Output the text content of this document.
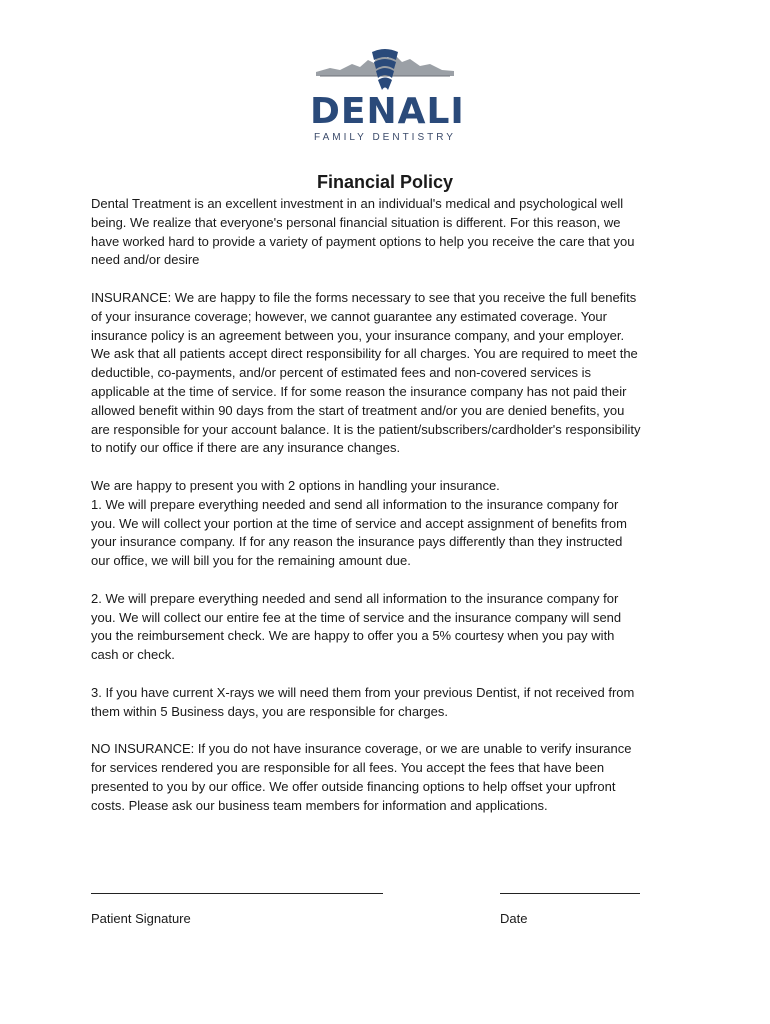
DENALI
FAMILY DENTISTRY
Financial Policy

Dental Treatment is an excellent investment in an individual's medical and psychological well
being. We realize that everyone's personal financial situation is different. For this reason, we
have worked hard to provide a variety of payment options to help you receive the care that you
need and/or desire

INSURANCE: We are happy to file the forms necessary to see that you receive the full benefits
of your insurance coverage; however, we cannot guarantee any estimated coverage. Your
insurance policy is an agreement between you, your insurance company, and your employer.
We ask that all patients accept direct responsibility for all charges. You are required to meet the
deductible, co-payments, and/or percent of estimated fees and non-covered services is
applicable at the time of service. If for some reason the insurance company has not paid their
allowed benefit within 90 days from the start of treatment and/or you are denied benefits, you
are responsible for your account balance. It is the patient/subscribers/cardholder's responsibility
to notify our office if there are any insurance changes.

We are happy to present you with 2 options in handling your insurance.
1. We will prepare everything needed and send all information to the insurance company for
you. We will collect your portion at the time of service and accept assignment of benefits from
your insurance company. If for any reason the insurance pays differently than they instructed
our office, we will bill you for the remaining amount due.

2. We will prepare everything needed and send all information to the insurance company for
you. We will collect our entire fee at the time of service and the insurance company will send
you the reimbursement check. We are happy to offer you a 5% courtesy when you pay with
cash or check.

3. If you have current X-rays we will need them from your previous Dentist, if not received from
them within 5 Business days, you are responsible for charges.

NO INSURANCE: If you do not have insurance coverage, or we are unable to verify insurance
for services rendered you are responsible for all fees. You accept the fees that have been
presented to you by our office. We offer outside financing options to help offset your upfront
costs. Please ask our business team members for information and applications.

Patient Signature	Date
